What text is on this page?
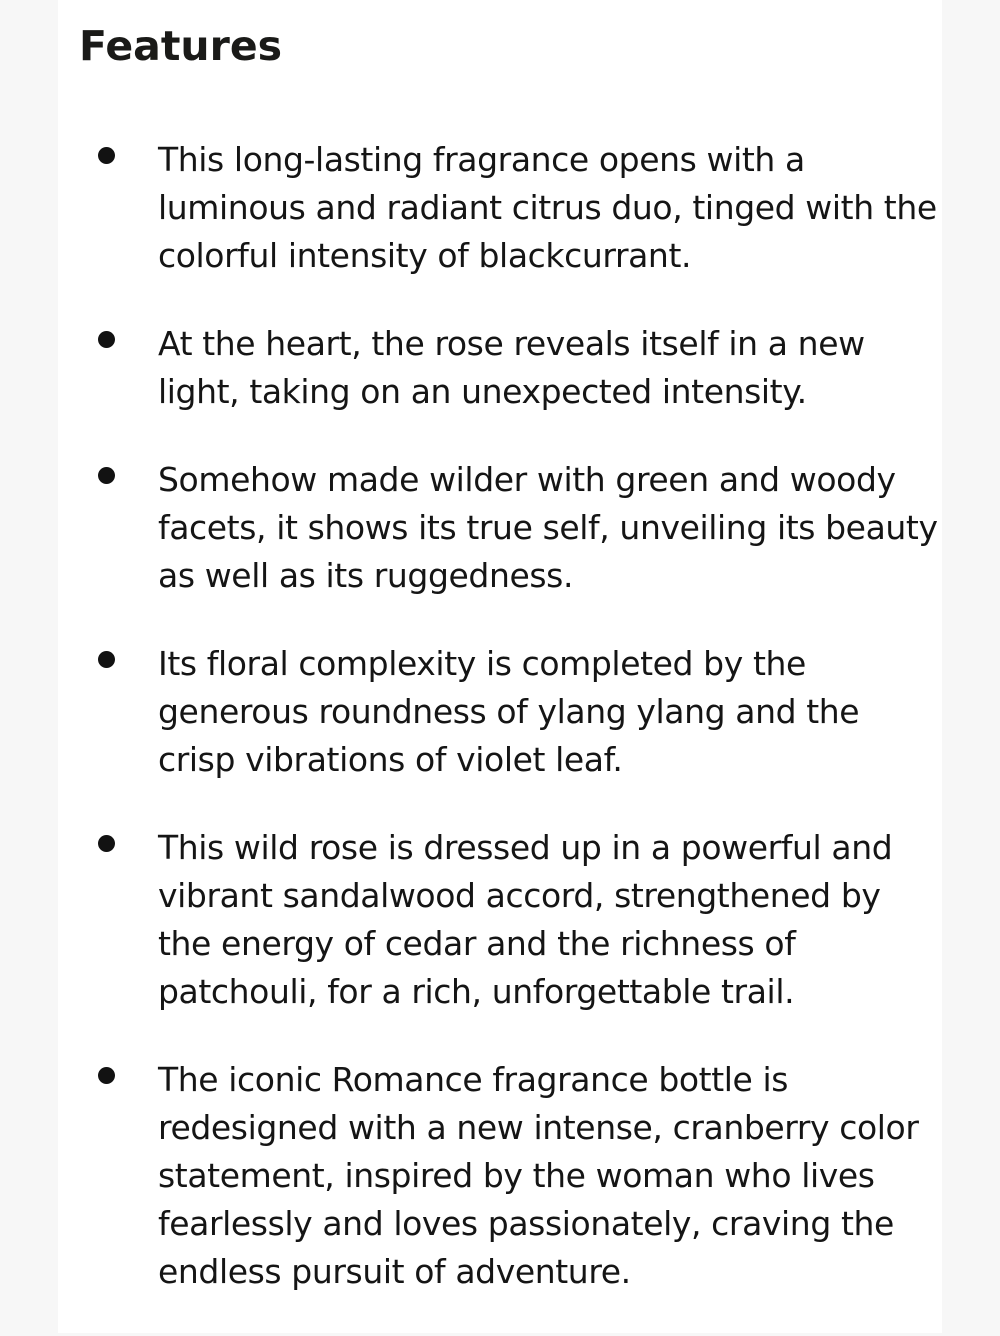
Features
This long-lasting fragrance opens with a luminous and radiant citrus duo, tinged with the colorful intensity of blackcurrant.
At the heart, the rose reveals itself in a new light, taking on an unexpected intensity.
Somehow made wilder with green and woody facets, it shows its true self, unveiling its beauty as well as its ruggedness.
Its floral complexity is completed by the generous roundness of ylang ylang and the crisp vibrations of violet leaf.
This wild rose is dressed up in a powerful and vibrant sandalwood accord, strengthened by the energy of cedar and the richness of patchouli, for a rich, unforgettable trail.
The iconic Romance fragrance bottle is redesigned with a new intense, cranberry color statement, inspired by the woman who lives fearlessly and loves passionately, craving the endless pursuit of adventure.
